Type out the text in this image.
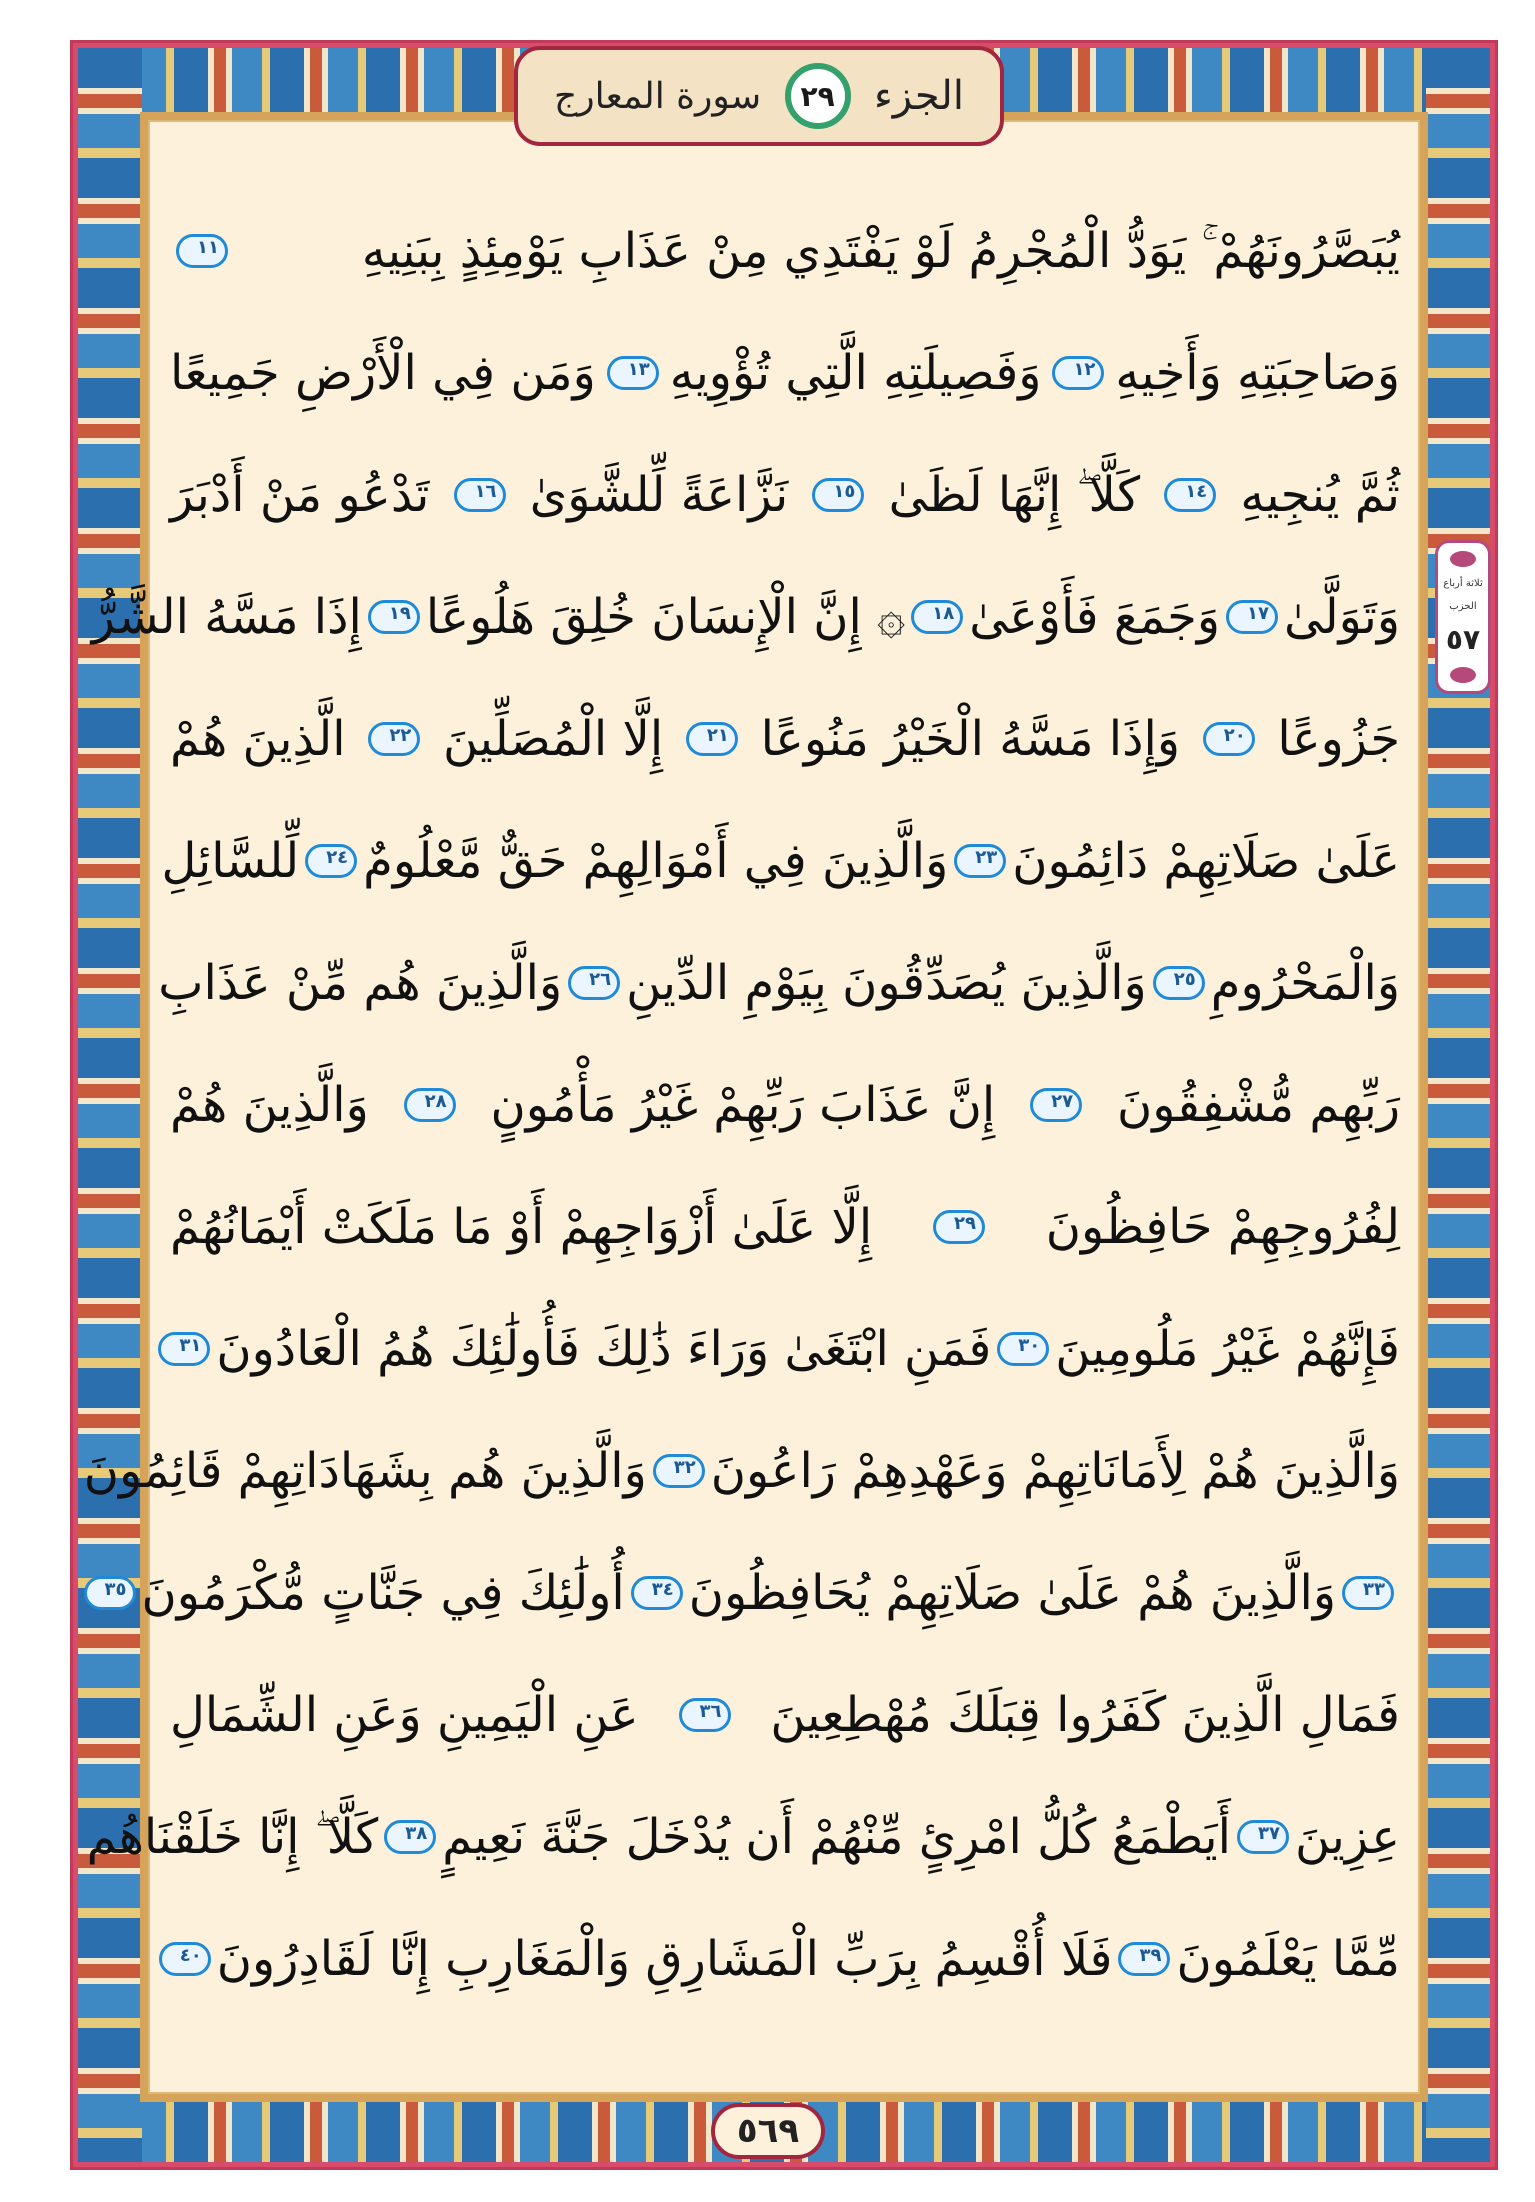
سورة المعارج	٢٩ الجزء
ثلاثة أرباع
الحزب
٥٧
يُبَصَّرُونَهُمْ ۚ يَوَدُّ الْمُجْرِمُ لَوْ يَفْتَدِي مِنْ عَذَابِ يَوْمِئِذٍ بِبَنِيهِ
١١
وَصَاحِبَتِهِ وَأَخِيهِ
١٢
وَفَصِيلَتِهِ الَّتِي تُؤْوِيهِ
١٣
وَمَن فِي الْأَرْضِ جَمِيعًا
ثُمَّ يُنجِيهِ
١٤
كَلَّا ۖ إِنَّهَا لَظَىٰ
١٥
نَزَّاعَةً لِّلشَّوَىٰ
١٦
تَدْعُو مَنْ أَدْبَرَ
وَتَوَلَّىٰ
١٧
وَجَمَعَ فَأَوْعَىٰ
١٨
۞ إِنَّ الْإِنسَانَ خُلِقَ هَلُوعًا
١٩
إِذَا مَسَّهُ الشَّرُّ
جَزُوعًا
٢٠
وَإِذَا مَسَّهُ الْخَيْرُ مَنُوعًا
٢١
إِلَّا الْمُصَلِّينَ
٢٢
الَّذِينَ هُمْ
عَلَىٰ صَلَاتِهِمْ دَائِمُونَ
٢٣
وَالَّذِينَ فِي أَمْوَالِهِمْ حَقٌّ مَّعْلُومٌ
٢٤
لِّلسَّائِلِ
وَالْمَحْرُومِ
٢٥
وَالَّذِينَ يُصَدِّقُونَ بِيَوْمِ الدِّينِ
٢٦
وَالَّذِينَ هُم مِّنْ عَذَابِ
رَبِّهِم مُّشْفِقُونَ
٢٧
إِنَّ عَذَابَ رَبِّهِمْ غَيْرُ مَأْمُونٍ
٢٨
وَالَّذِينَ هُمْ
لِفُرُوجِهِمْ حَافِظُونَ
٢٩
إِلَّا عَلَىٰ أَزْوَاجِهِمْ أَوْ مَا مَلَكَتْ أَيْمَانُهُمْ
فَإِنَّهُمْ غَيْرُ مَلُومِينَ
٣٠
فَمَنِ ابْتَغَىٰ وَرَاءَ ذَٰلِكَ فَأُولَٰئِكَ هُمُ الْعَادُونَ
٣١
وَالَّذِينَ هُمْ لِأَمَانَاتِهِمْ وَعَهْدِهِمْ رَاعُونَ
٣٢
وَالَّذِينَ هُم بِشَهَادَاتِهِمْ قَائِمُونَ
٣٣
وَالَّذِينَ هُمْ عَلَىٰ صَلَاتِهِمْ يُحَافِظُونَ
٣٤
أُولَٰئِكَ فِي جَنَّاتٍ مُّكْرَمُونَ
٣٥
فَمَالِ الَّذِينَ كَفَرُوا قِبَلَكَ مُهْطِعِينَ
٣٦
عَنِ الْيَمِينِ وَعَنِ الشِّمَالِ
عِزِينَ
٣٧
أَيَطْمَعُ كُلُّ امْرِئٍ مِّنْهُمْ أَن يُدْخَلَ جَنَّةَ نَعِيمٍ
٣٨
كَلَّا ۖ إِنَّا خَلَقْنَاهُم
مِّمَّا يَعْلَمُونَ
٣٩
فَلَا أُقْسِمُ بِرَبِّ الْمَشَارِقِ وَالْمَغَارِبِ إِنَّا لَقَادِرُونَ
٤٠
٥٦٩
